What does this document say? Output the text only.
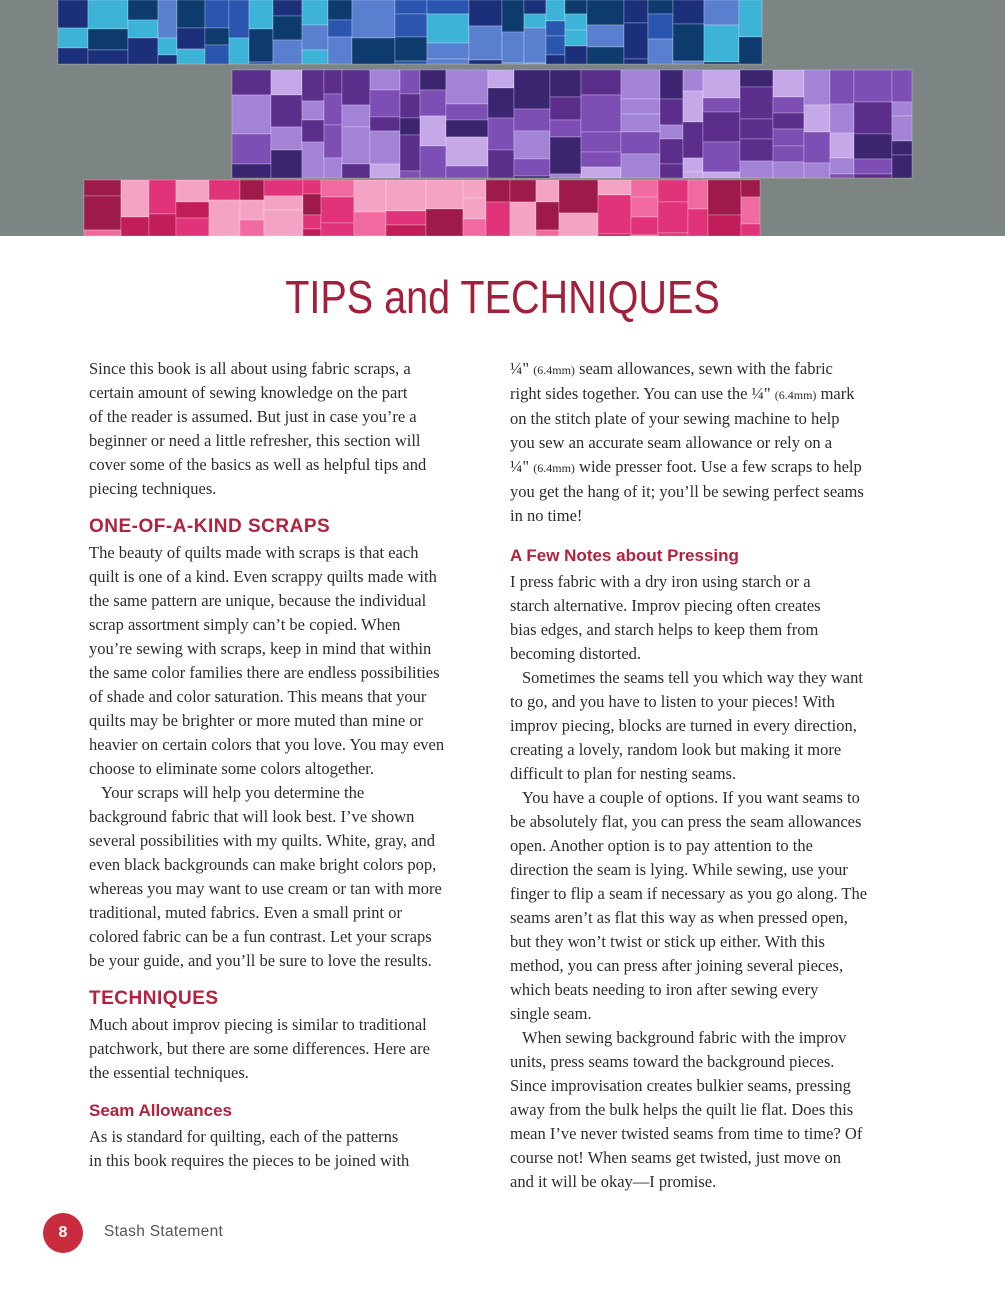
TIPS and TECHNIQUES

Since this book is all about using fabric scraps, a
certain amount of sewing knowledge on the part
of the reader is assumed. But just in case you’re a
beginner or need a little refresher, this section will
cover some of the basics as well as helpful tips and
piecing techniques.

ONE-OF-A-KIND SCRAPS

The beauty of quilts made with scraps is that each
quilt is one of a kind. Even scrappy quilts made with
the same pattern are unique, because the individual
scrap assortment simply can’t be copied. When
you’re sewing with scraps, keep in mind that within
the same color families there are endless possibilities
of shade and color saturation. This means that your
quilts may be brighter or more muted than mine or
heavier on certain colors that you love. You may even
choose to eliminate some colors altogether.

Your scraps will help you determine the
background fabric that will look best. I’ve shown
several possibilities with my quilts. White, gray, and
even black backgrounds can make bright colors pop,
whereas you may want to use cream or tan with more
traditional, muted fabrics. Even a small print or
colored fabric can be a fun contrast. Let your scraps
be your guide, and you’ll be sure to love the results.

TECHNIQUES

Much about improv piecing is similar to traditional
patchwork, but there are some differences. Here are
the essential techniques.

Seam Allowances

As is standard for quilting, each of the patterns
in this book requires the pieces to be joined with

¼" (6.4mm) seam allowances, sewn with the fabric
right sides together. You can use the ¼" (6.4mm) mark
on the stitch plate of your sewing machine to help
you sew an accurate seam allowance or rely on a
¼" (6.4mm) wide presser foot. Use a few scraps to help
you get the hang of it; you’ll be sewing perfect seams
in no time!

A Few Notes about Pressing

I press fabric with a dry iron using starch or a
starch alternative. Improv piecing often creates
bias edges, and starch helps to keep them from
becoming distorted.

Sometimes the seams tell you which way they want
to go, and you have to listen to your pieces! With
improv piecing, blocks are turned in every direction,
creating a lovely, random look but making it more
difficult to plan for nesting seams.

You have a couple of options. If you want seams to
be absolutely flat, you can press the seam allowances
open. Another option is to pay attention to the
direction the seam is lying. While sewing, use your
finger to flip a seam if necessary as you go along. The
seams aren’t as flat this way as when pressed open,
but they won’t twist or stick up either. With this
method, you can press after joining several pieces,
which beats needing to iron after sewing every
single seam.

When sewing background fabric with the improv
units, press seams toward the background pieces.
Since improvisation creates bulkier seams, pressing
away from the bulk helps the quilt lie flat. Does this
mean I’ve never twisted seams from time to time? Of
course not! When seams get twisted, just move on
and it will be okay—I promise.

8	Stash Statement
